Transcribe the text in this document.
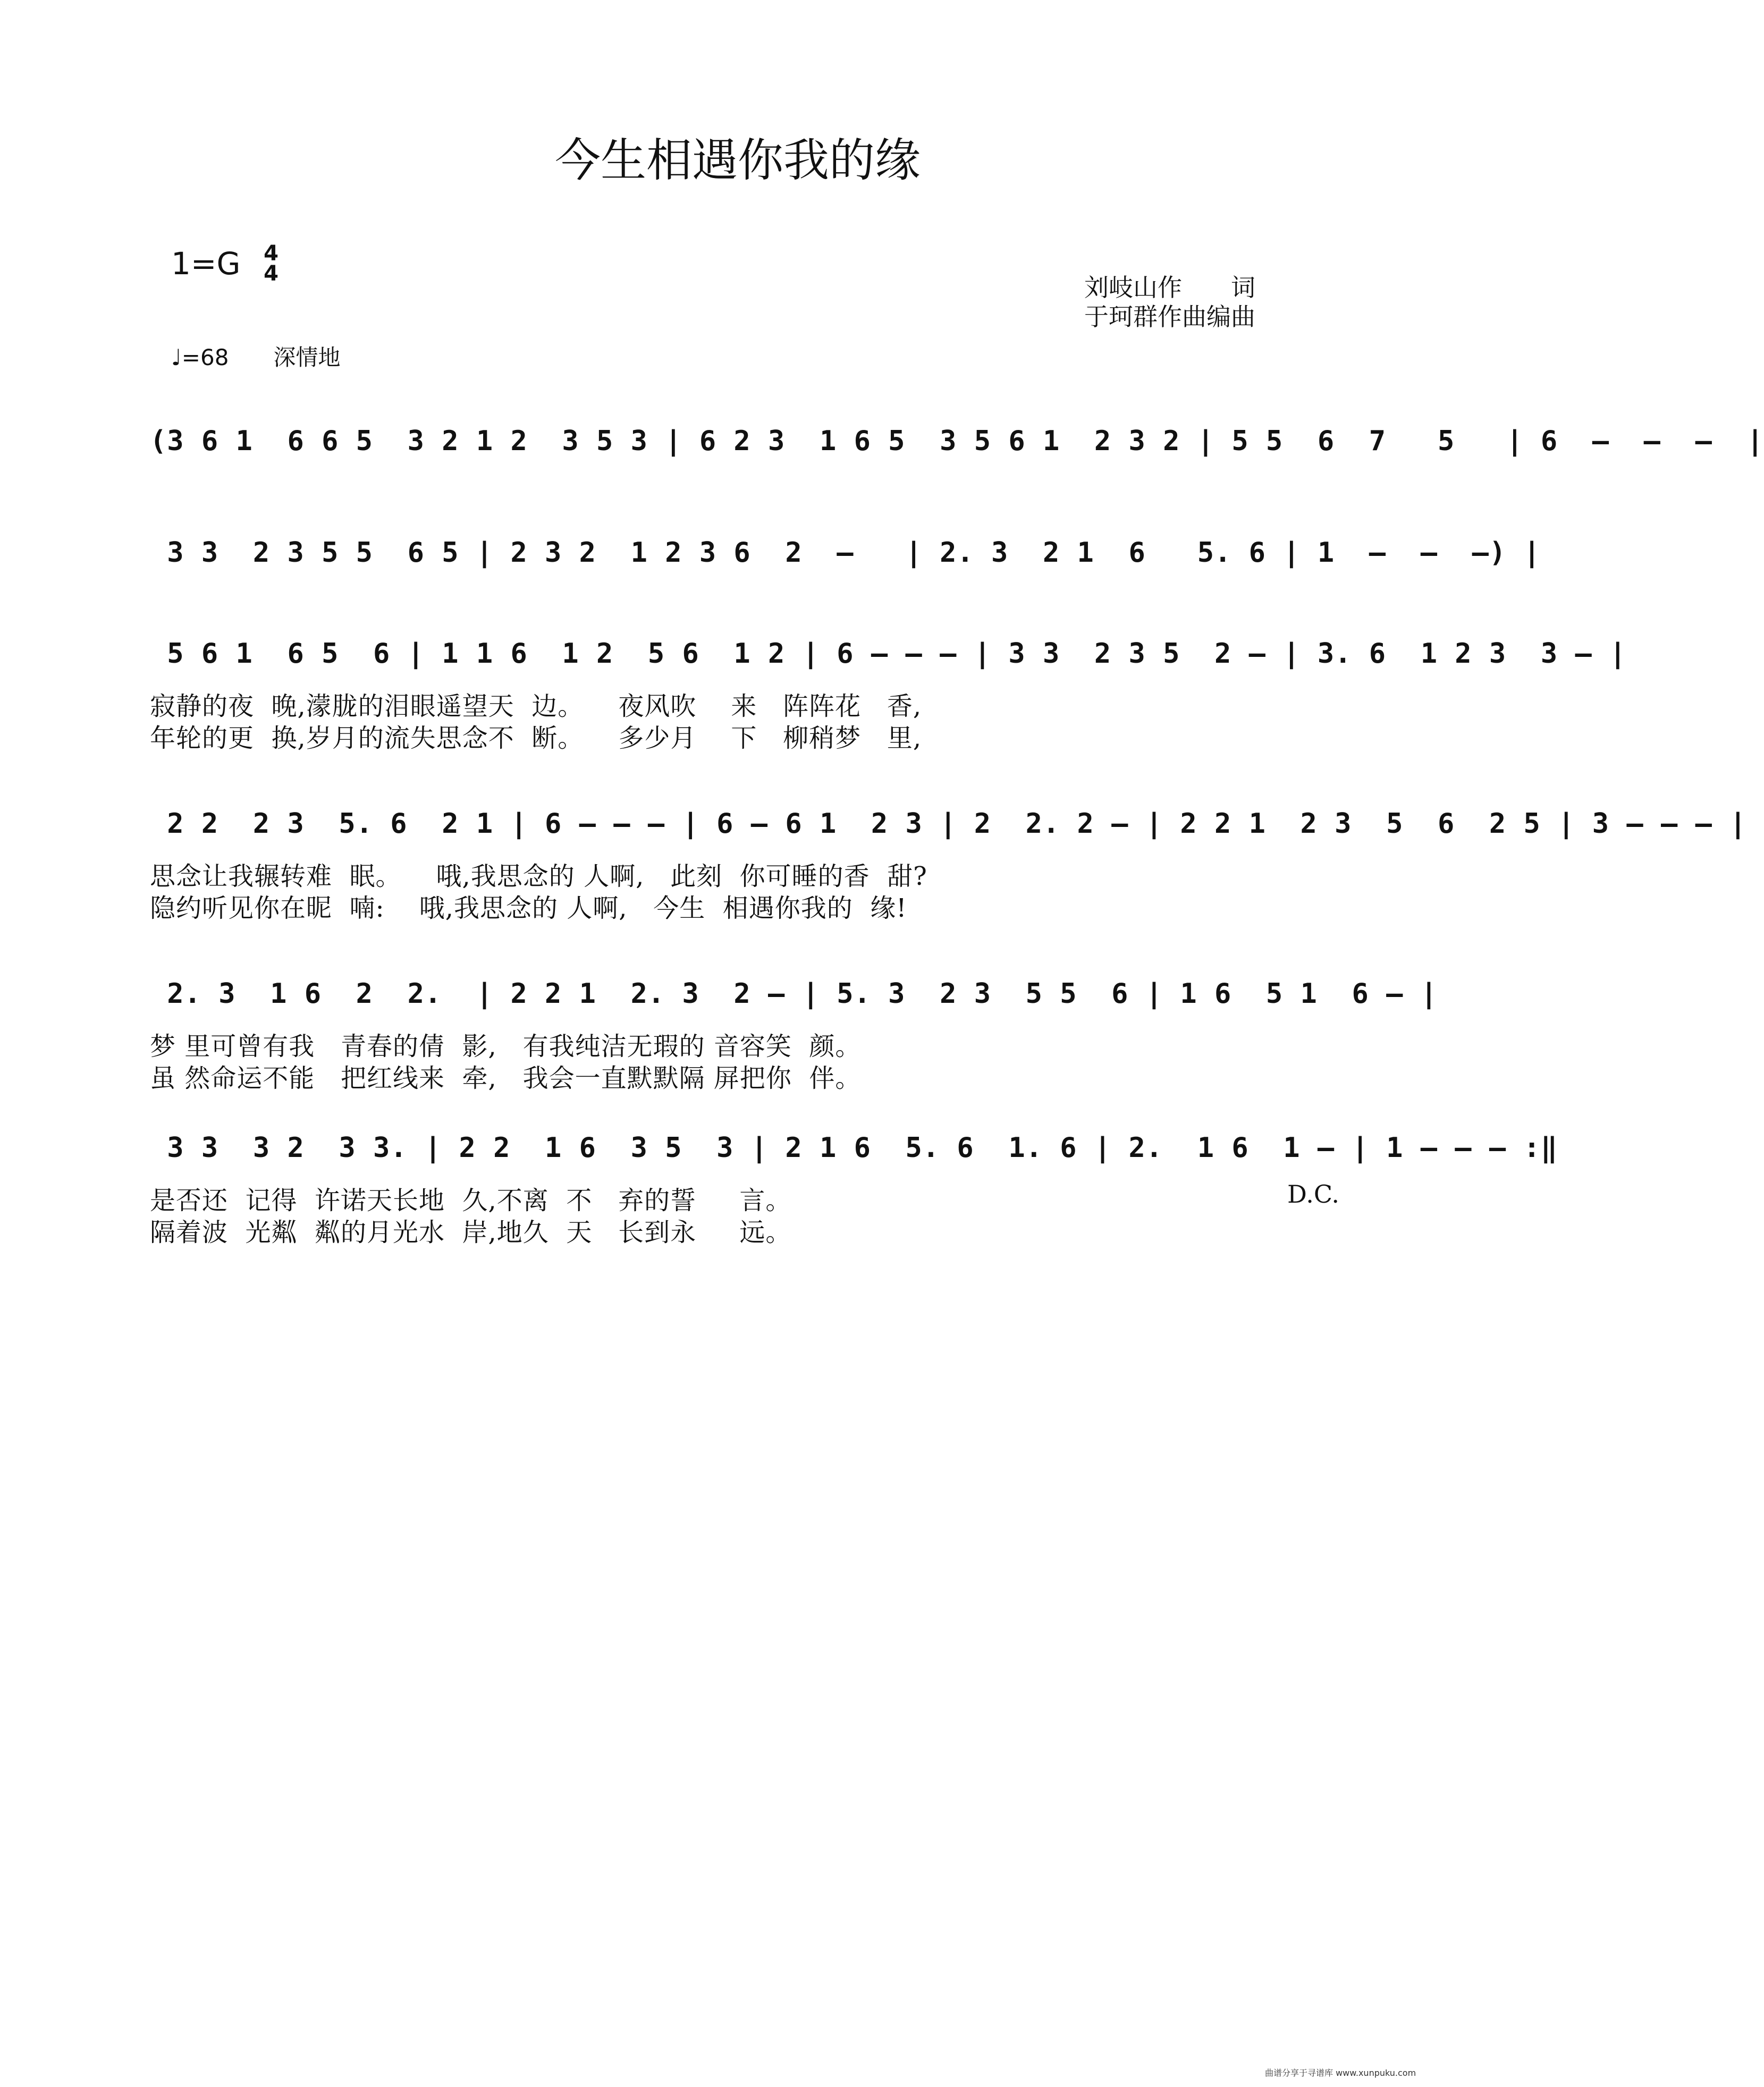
今生相遇你我的缘
1=G 4
4	刘岐山作　　词
于珂群作曲编曲
♩=68　　 深情地
(3 6 1  6 6 5  3 2 1 2  3 5 3 | 6 2 3  1 6 5  3 5 6 1  2 3 2 | 5 5  6  7   5   | 6  –  –  –  |
3 3  2 3 5 5  6 5 | 2 3 2  1 2 3 6  2  –   | 2. 3  2 1  6   5. 6 | 1  –  –  –) |
5 6 1  6 5  6 | 1 1 6  1 2  5 6  1 2 | 6 – – – | 3 3  2 3 5  2 – | 3. 6  1 2 3  3 – |
寂静的夜  晚,濛胧的泪眼遥望天  边。    夜风吹    来   阵阵花   香,
年轮的更  换,岁月的流失思念不  断。    多少月    下   柳稍梦   里,
2 2  2 3  5. 6  2 1 | 6 – – – | 6 – 6 1  2 3 | 2  2. 2 – | 2 2 1  2 3  5  6  2 5 | 3 – – – |
思念让我辗转难  眠。    哦,我思念的 人啊,   此刻  你可睡的香  甜?
隐约听见你在昵  喃:    哦,我思念的 人啊,   今生  相遇你我的  缘!
2. 3  1 6  2  2.  | 2 2 1  2. 3  2 – | 5. 3  2 3  5 5  6 | 1 6  5 1  6 – |
梦 里可曾有我   青春的倩  影,   有我纯洁无瑕的 音容笑  颜。
虽 然命运不能   把红线来  牵,   我会一直默默隔 屏把你  伴。
3 3  3 2  3 3. | 2 2  1 6  3 5  3 | 2 1 6  5. 6  1. 6 | 2.  1 6  1 – | 1 – – – :‖
是否还  记得  许诺天长地  久,不离  不   弃的誓     言。
隔着波  光粼  粼的月光水  岸,地久  天   长到永     远。
D.C.
曲谱分享于寻谱库 www.xunpuku.com
